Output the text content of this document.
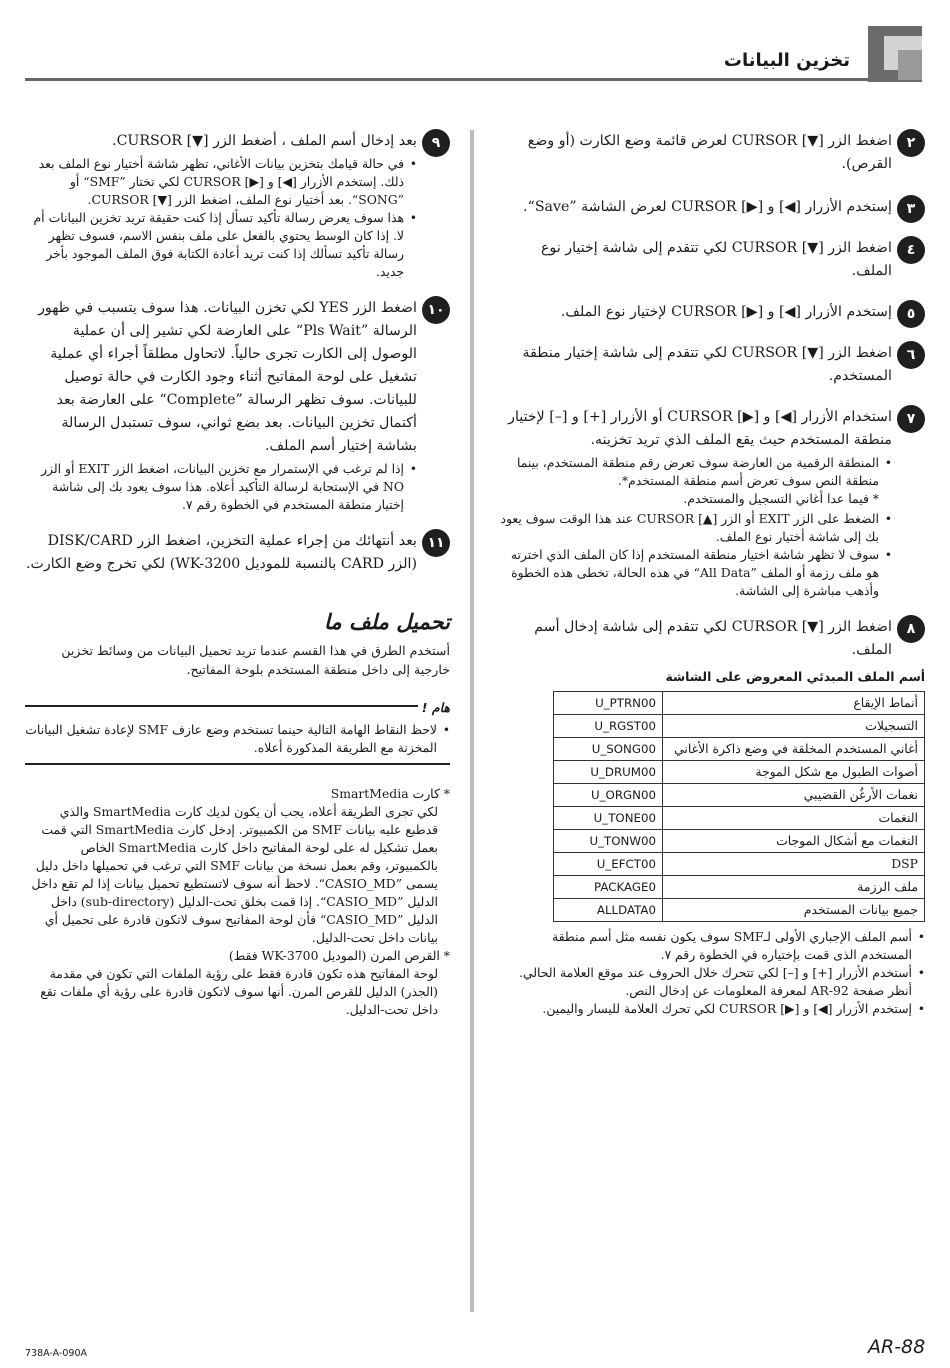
تخزين البيانات
٢
اضغط الزر [▼] CURSOR لعرض قائمة وضع الكارت (أو وضع القرص).
٣
إستخدم الأزرار [◀] و [▶] CURSOR لعرض الشاشة ”Save“.
٤
اضغط الزر [▼] CURSOR لكي تتقدم إلى شاشة إختيار نوع الملف.
٥
إستخدم الأزرار [◀] و [▶] CURSOR لإختيار نوع الملف.
٦
اضغط الزر [▼] CURSOR لكي تتقدم إلى شاشة إختيار منطقة المستخدم.
٧
استخدام الأزرار [◀] و [▶] CURSOR أو الأزرار [+] و [–] لإختيار منطقة المستخدم حيث يقع الملف الذي تريد تخزينه.
• المنطقة الرقمية من العارضة سوف تعرض رقم منطقة المستخدم، بينما منطقة النص سوف تعرض أسم منطقة المستخدم*.
* فيما عدا أغاني التسجيل والمستخدم.
• الضغط على الزر EXIT أو الزر [▲] CURSOR عند هذا الوقت سوف يعود بك إلى شاشة أختيار نوع الملف.
• سوف لا تظهر شاشة اختيار منطقة المستخدم إذا كان الملف الذي اخترته هو ملف رزمة أو الملف ”All Data“ في هذه الحالة، تخطى هذه الخطوة وأذهب مباشرة إلى الشاشة.
٨
اضغط الزر [▼] CURSOR لكي تتقدم إلى شاشة إدخال أسم الملف.
أسم الملف المبدئي المعروض على الشاشة
أنماط الإيقاع	U_PTRN00
التسجيلات	U_RGST00
أغاني المستخدم المخلقة في وضع ذاكرة الأغاني	U_SONG00
أصوات الطبول مع شكل الموجة	U_DRUM00
نغمات الأرغُن القضيبي	U_ORGN00
النغمات	U_TONE00
النغمات مع أشكال الموجات	U_TONW00
DSP	U_EFCT00
ملف الرزمة	PACKAGE0
جميع بيانات المستخدم	ALLDATA0
• أسم الملف الإجباري الأولى لـSMF سوف يكون نفسه مثل أسم منطقة المستخدم الذى قمت بإختياره في الخطوة رقم ٧.
• أستخدم الأزرار [+] و [–] لكي تتحرك خلال الحروف عند موقع العلامة الحالي. أنظر صفحة AR-92 لمعرفة المعلومات عن إدخال النص.
• إستخدم الأزرار [◀] و [▶] CURSOR لكي تحرك العلامة لليسار واليمين.
٩
بعد إدخال أسم الملف ، أضغط الزر [▼] CURSOR.
• في حالة قيامك بتخزين بيانات الأغاني، تظهر شاشة أختيار نوع الملف بعد ذلك. إستخدم الأزرار [◀] و [▶] CURSOR لكي تختار ”SMF“ أو ”SONG“. بعد أختيار نوع الملف، اضغط الزر [▼] CURSOR.
• هذا سوف يعرض رسالة تأكيد تسأل إذا كنت حقيقة تريد تخزين البيانات أم لا. إذا كان الوسط يحتوي بالفعل على ملف بنفس الاسم، فسوف تظهر رسالة تأكيد تسألك إذا كنت تريد أعادة الكتابة فوق الملف الموجود بأخر جديد.
١٠
اضغط الزر YES لكي تخزن البيانات. هذا سوف يتسبب في ظهور الرسالة ”Pls Wait“ على العارضة لكي تشير إلى أن عملية الوصول إلى الكارت تجرى حالياً. لاتحاول مطلقاً أجراء أي عملية تشغيل على لوحة المفاتيح أثناء وجود الكارت في حالة توصيل للبيانات. سوف تظهر الرسالة ”Complete“ على العارضة بعد أكتمال تخزين البيانات. بعد بضع ثواني، سوف تستبدل الرسالة بشاشة إختيار أسم الملف.
• إذا لم ترغب في الإستمرار مع تخزين البيانات، اضغط الزر EXIT أو الزر NO في الإستجابة لرسالة التأكيد أعلاه. هذا سوف يعود بك إلى شاشة إختيار منطقة المستخدم في الخطوة رقم ٧.
١١
بعد أنتهائك من إجراء عملية التخزين، اضغط الزر DISK/CARD (الزر CARD بالنسبة للموديل WK-3200) لكي تخرج وضع الكارت.
تحميل ملف ما
أستخدم الطرق في هذا القسم عندما تريد تحميل البيانات من وسائط تخزين خارجية إلى داخل منطقة المستخدم بلوحة المفاتيح.
هام !
• لاحظ النقاط الهامة التالية حينما تستخدم وضع عازف SMF لإعادة تشغيل البيانات المخزنة مع الطريقة المذكورة أعلاه.
* كارت SmartMedia
لكي تجرى الطريقة أعلاه، يجب أن يكون لديك كارت SmartMedia والذي قدطبع عليه بيانات SMF من الكمبيوتر. إدخل كارت SmartMedia التي قمت بعمل تشكيل له على لوحة المفاتيح داخل كارت SmartMedia الخاص بالكمبيوتر، وقم بعمل نسخة من بيانات SMF التي ترغب في تحميلها داخل دليل يسمى ”CASIO_MD“. لاحظ أنه سوف لاتستطيع تحميل بيانات إذا لم تقع داخل الدليل ”CASIO_MD“. إذا قمت بخلق تحت-الدليل (sub-directory) داخل الدليل ”CASIO_MD“ فأن لوحة المفاتيح سوف لاتكون قادرة على تحميل أي بيانات داخل تحت-الدليل.
* القرص المرن (الموديل WK-3700 فقط)
لوحة المفاتيح هذه تكون قادرة فقط على رؤية الملفات التي تكون في مقدمة (الجذر) الدليل للقرص المرن. أنها سوف لاتكون قادرة على رؤية أي ملفات تقع داخل تحت-الدليل.
738A-A-090A	AR-88
